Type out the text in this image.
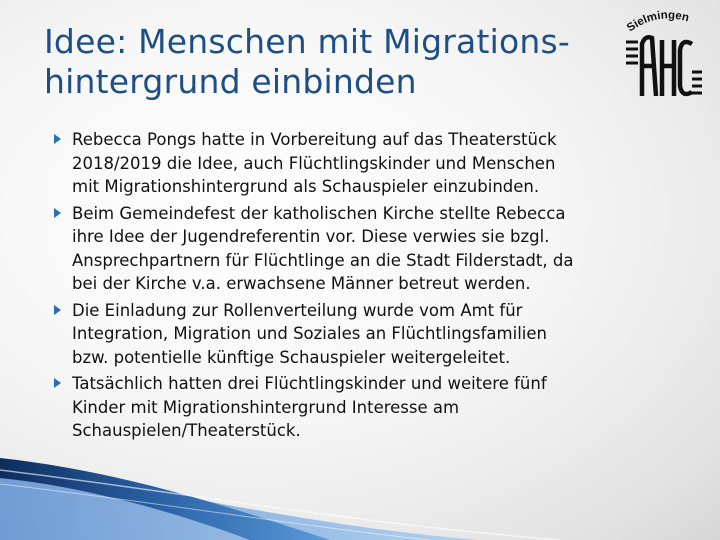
Idee: Menschen mit Migrations-
hintergrund einbinden
Sielmingen
Rebecca Pongs hatte in Vorbereitung auf das Theaterstück
2018/2019 die Idee, auch Flüchtlingskinder und Menschen
mit Migrationshintergrund als Schauspieler einzubinden.
Beim Gemeindefest der katholischen Kirche stellte Rebecca
ihre Idee der Jugendreferentin vor. Diese verwies sie bzgl.
Ansprechpartnern für Flüchtlinge an die Stadt Filderstadt, da
bei der Kirche v.a. erwachsene Männer betreut werden.
Die Einladung zur Rollenverteilung wurde vom Amt für
Integration, Migration und Soziales an Flüchtlingsfamilien
bzw. potentielle künftige Schauspieler weitergeleitet.
Tatsächlich hatten drei Flüchtlingskinder und weitere fünf
Kinder mit Migrationshintergrund Interesse am
Schauspielen/Theaterstück.
